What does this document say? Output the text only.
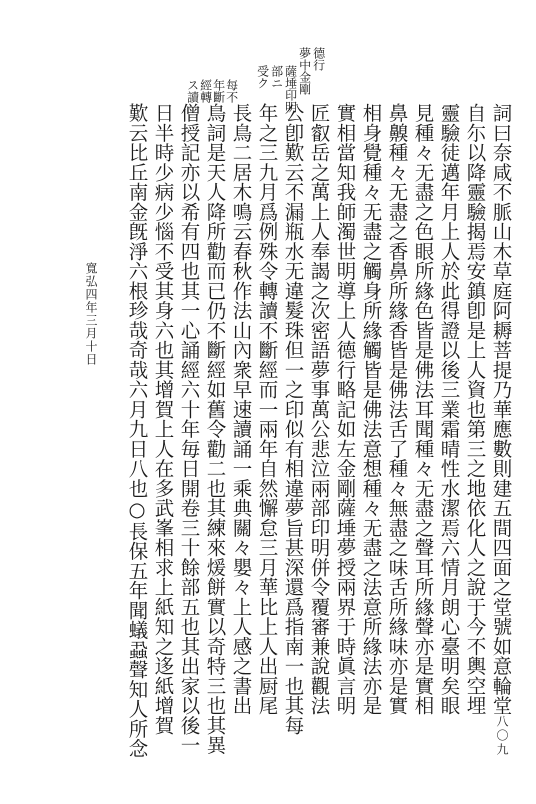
德行
夢中金剛
薩埵印明
部ニ
受ク
每不
年斷
經轉
ス讀
詞曰奈咸不脈山木草庭阿耨菩提乃華應數則建五間四面之堂號如意輪堂
自尓以降靈驗揭焉安鎮卽是上人資也第三之地依化人之說于今不輿空埋
靈驗徒邁年月上人於此得證以後三業霜晴性水潔焉六情月朗心臺明矣眼
見種々无盡之色眼所緣色皆是佛法耳聞種々无盡之聲耳所緣聲亦是實相
鼻齅種々无盡之香鼻所緣香皆是佛法舌了種々無盡之味舌所緣味亦是實
相身覺種々无盡之觸身所緣觸皆是佛法意想種々无盡之法意所緣法亦是
實相當知我師濁世明導上人德行略記如左金剛薩埵夢授兩界于時眞言明
匠叡岳之萬上人奉謁之次密語夢事萬公悲泣兩部印明併令覆審兼說觀法
公卽歎云不漏瓶水无違髮珠但一之印似有相違夢旨甚深還爲指南一也其每
年之三九月爲例殊令轉讀不斷經而一兩年自然懈怠三月華比上人出厨尾
長鳥二居木鳴云春秋作法山內衆早速讀誦一乘典關々嬰々上人感之書出
鳥詞是天人降所勸而已仍不斷經如舊令勸二也其練來煖餅實以奇特三也其異
僧授記亦以希有四也其一心誦經六十年毎日開卷三十餘部五也其出家以後一
日半時少病少惱不受其身六也其增賀上人在多武峯相求上紙知之迻紙增賀
歎云比丘南金旣淨六根珍哉奇哉六月九日八也○長保五年聞蟻蝨聲知人所念	八〇九
寬弘四年三月十日
